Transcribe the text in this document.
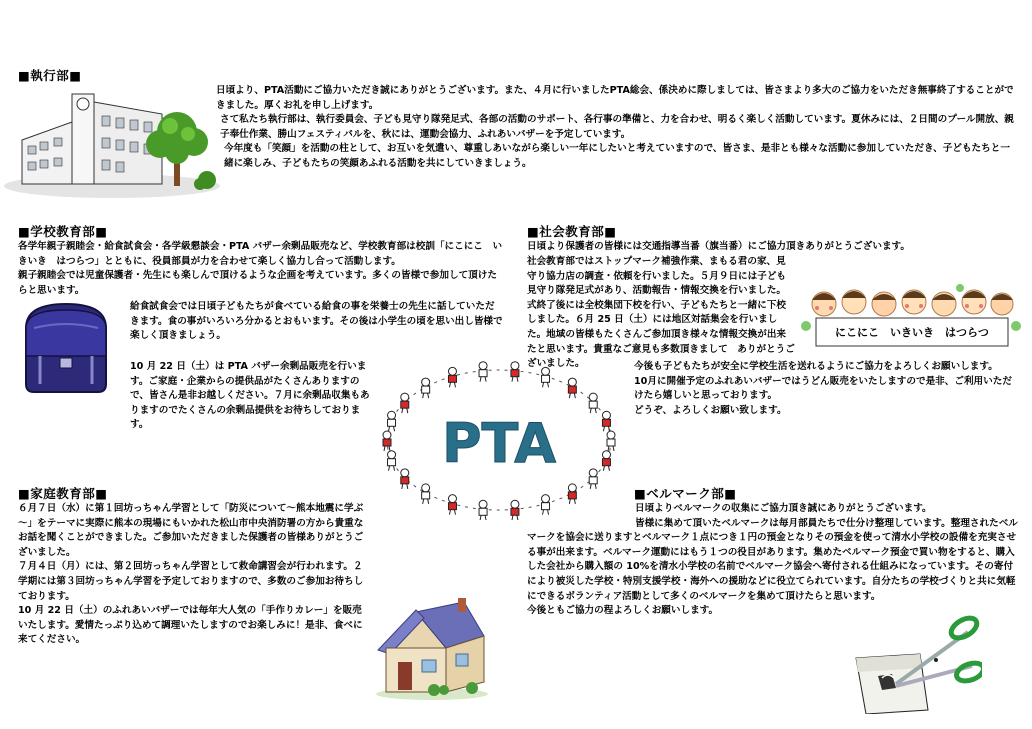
■執行部■

日頃より、PTA活動にご協力いただき誠にありがとうございます。また、４月に行いましたPTA総会、係決めに際しましては、皆さまより多大のご協力をいただき無事終了することができました。厚くお礼を申し上げます。

さて私たち執行部は、執行委員会、子ども見守り隊発足式、各部の活動のサポート、各行事の準備と、力を合わせ、明るく楽しく活動しています。夏休みには、２日間のプール開放、親子奉仕作業、勝山フェスティバルを、秋には、運動会協力、ふれあいバザーを予定しています。

今年度も「笑顔」を活動の柱として、お互いを気遣い、尊重しあいながら楽しい一年にしたいと考えていますので、皆さま、是非とも様々な活動に参加していただき、子どもたちと一緒に楽しみ、子どもたちの笑顔あふれる活動を共にしていきましょう。

■学校教育部■

各学年親子親睦会・給食試食会・各学級懇談会・PTA バザー余剰品販売など、学校教育部は校訓「にこにこ　いきいき　はつらつ」とともに、役員部員が力を合わせて楽しく協力し合って活動します。

親子親睦会では児童保護者・先生にも楽しんで頂けるような企画を考えています。多くの皆様で参加して頂けたらと思います。

給食試食会では日頃子どもたちが食べている給食の事を栄養士の先生に話していただきます。食の事がいろいろ分かるとおもいます。その後は小学生の頃を思い出し皆様で楽しく頂きましょう。

10 月 22 日（土）は PTA バザー余剰品販売を行います。ご家庭・企業からの提供品がたくさんありますので、皆さん是非お越しください。７月に余剰品収集もありますのでたくさんの余剰品提供をお待ちしております。	PTA
■社会教育部■

日頃より保護者の皆様には交通指導当番（旗当番）にご協力頂きありがとうございます。

社会教育部ではストップマーク補強作業、まもる君の家、見守り協力店の調査・依頼を行いました。５月９日には子ども見守り隊発足式があり、活動報告・情報交換を行いました。式終了後には全校集団下校を行い、子どもたちと一緒に下校しました。６月 25 日（土）には地区対話集会を行いました。地域の皆様もたくさんご参加頂き様々な情報交換が出来たと思います。貴重なご意見も多数頂きまして　ありがとうございました。

にこにこ　いきいき　はつらつ

今後も子どもたちが安全に学校生活を送れるようにご協力をよろしくお願いします。

10月に開催予定のふれあいバザーではうどん販売をいたしますので是非、ご利用いただけたら嬉しいと思っております。

どうぞ、よろしくお願い致します。

■家庭教育部■

６月７日（水）に第１回坊っちゃん学習として「防災について～熊本地震に学ぶ～」をテーマに実際に熊本の現場にもいかれた松山市中央消防署の方から貴重なお話を聞くことができました。ご参加いただきました保護者の皆様ありがとうございました。

７月４日（月）には、第２回坊っちゃん学習として救命講習会が行われます。２学期には第３回坊っちゃん学習を予定しておりますので、多数のご参加お待ちしております。

10 月 22 日（土）のふれあいバザーでは毎年大人気の「手作りカレー」を販売いたします。愛情たっぷり込めて調理いたしますのでお楽しみに！是非、食べに来てください。

■ベルマーク部■

日頃よりベルマークの収集にご協力頂き誠にありがとうございます。

皆様に集めて頂いたベルマークは毎月部員たちで仕分け整理しています。整理されたベルマークを協会に送りますとベルマーク１点につき１円の預金となりその預金を使って清水小学校の設備を充実させる事が出来ます。ベルマーク運動にはもう１つの役目があります。集めたベルマーク預金で買い物をすると、購入した会社から購入額の 10%を清水小学校の名前でベルマーク協会へ寄付される仕組みになっています。その寄付により被災した学校・特別支援学校・海外への援助などに役立てられています。自分たちの学校づくりと共に気軽にできるボランティア活動として多くのベルマークを集めて頂けたらと思います。

今後ともご協力の程よろしくお願いします。
